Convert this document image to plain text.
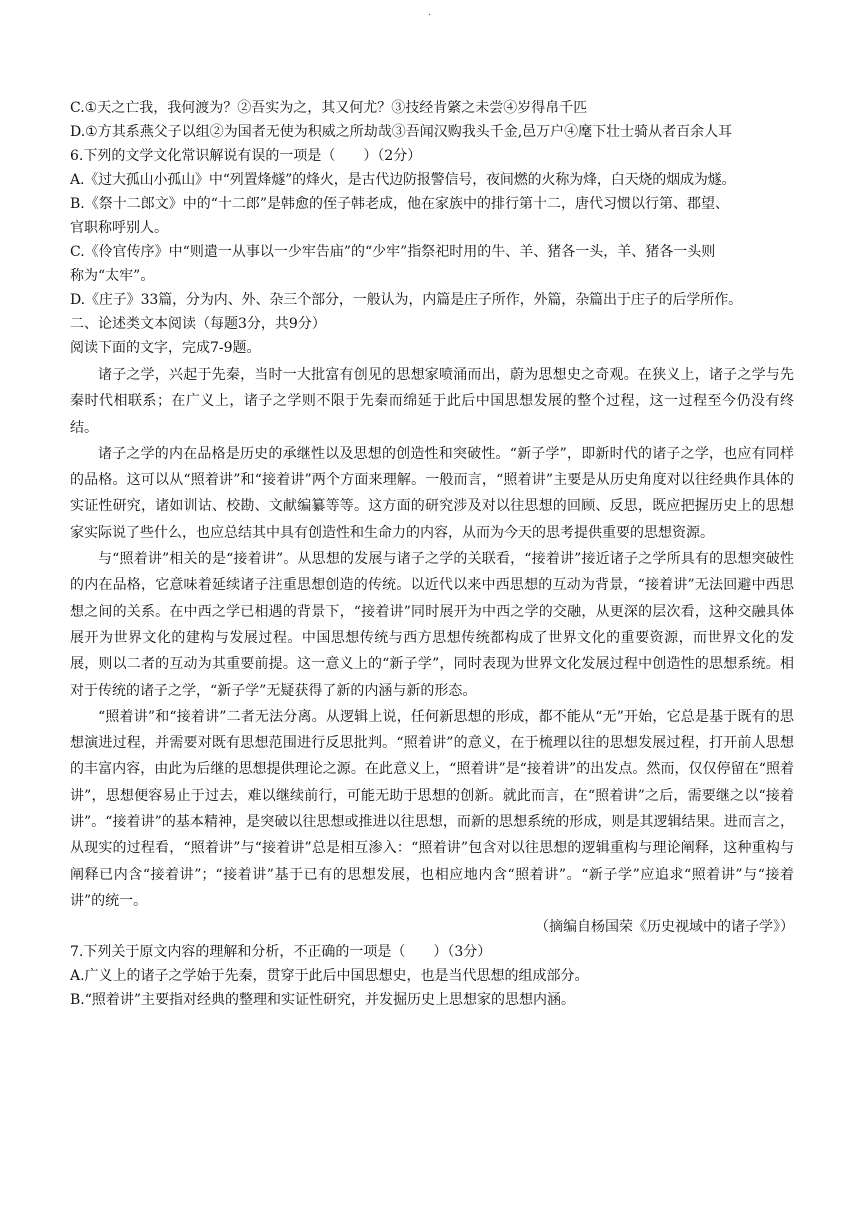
·
C.①天之亡我，我何渡为？②吾实为之，其又何尤？③技经肯綮之未尝④岁得帛千匹
D.①方其系燕父子以组②为国者无使为积威之所劫哉③吾闻汉购我头千金,邑万户④麾下壮士骑从者百余人耳
6.下列的文学文化常识解说有误的一项是（　　）（2分）
A.《过大孤山小孤山》中“列置烽燧”的烽火，是古代边防报警信号，夜间燃的火称为烽，白天烧的烟成为燧。
B.《祭十二郎文》中的“十二郎”是韩愈的侄子韩老成，他在家族中的排行第十二，唐代习惯以行第、郡望、
官职称呼别人。
C.《伶官传序》中“则遣一从事以一少牢告庙”的“少牢”指祭祀时用的牛、羊、猪各一头，羊、猪各一头则
称为“太牢”。
D.《庄子》33篇，分为内、外、杂三个部分，一般认为，内篇是庄子所作，外篇，杂篇出于庄子的后学所作。
二、论述类文本阅读（每题3分，共9分）
阅读下面的文字，完成7-9题。

诸子之学，兴起于先秦，当时一大批富有创见的思想家喷涌而出，蔚为思想史之奇观。在狭义上，诸子之学与先秦时代相联系；在广义上，诸子之学则不限于先秦而绵延于此后中国思想发展的整个过程，这一过程至今仍没有终结。

诸子之学的内在品格是历史的承继性以及思想的创造性和突破性。“新子学”，即新时代的诸子之学，也应有同样的品格。这可以从“照着讲”和“接着讲”两个方面来理解。一般而言，“照着讲”主要是从历史角度对以往经典作具体的实证性研究，诸如训诂、校勘、文献编纂等等。这方面的研究涉及对以往思想的回顾、反思，既应把握历史上的思想家实际说了些什么，也应总结其中具有创造性和生命力的内容，从而为今天的思考提供重要的思想资源。

与“照着讲”相关的是“接着讲”。从思想的发展与诸子之学的关联看，“接着讲”接近诸子之学所具有的思想突破性的内在品格，它意味着延续诸子注重思想创造的传统。以近代以来中西思想的互动为背景，“接着讲”无法回避中西思想之间的关系。在中西之学已相遇的背景下，“接着讲”同时展开为中西之学的交融，从更深的层次看，这种交融具体展开为世界文化的建构与发展过程。中国思想传统与西方思想传统都构成了世界文化的重要资源，而世界文化的发展，则以二者的互动为其重要前提。这一意义上的“新子学”，同时表现为世界文化发展过程中创造性的思想系统。相对于传统的诸子之学，“新子学”无疑获得了新的内涵与新的形态。

“照着讲”和“接着讲”二者无法分离。从逻辑上说，任何新思想的形成，都不能从“无”开始，它总是基于既有的思想演进过程，并需要对既有思想范围进行反思批判。“照着讲”的意义，在于梳理以往的思想发展过程，打开前人思想的丰富内容，由此为后继的思想提供理论之源。在此意义上，“照着讲”是“接着讲”的出发点。然而，仅仅停留在“照着讲”，思想便容易止于过去，难以继续前行，可能无助于思想的创新。就此而言，在“照着讲”之后，需要继之以“接着讲”。“接着讲”的基本精神，是突破以往思想或推进以往思想，而新的思想系统的形成，则是其逻辑结果。进而言之，从现实的过程看，“照着讲”与“接着讲”总是相互渗入：“照着讲”包含对以往思想的逻辑重构与理论阐释，这种重构与阐释已内含“接着讲”；“接着讲”基于已有的思想发展，也相应地内含“照着讲”。“新子学”应追求“照着讲”与“接着讲”的统一。

（摘编自杨国荣《历史视域中的诸子学》）
7.下列关于原文内容的理解和分析，不正确的一项是（　　）（3分）
A.广义上的诸子之学始于先秦，贯穿于此后中国思想史，也是当代思想的组成部分。
B.“照着讲”主要指对经典的整理和实证性研究，并发掘历史上思想家的思想内涵。
